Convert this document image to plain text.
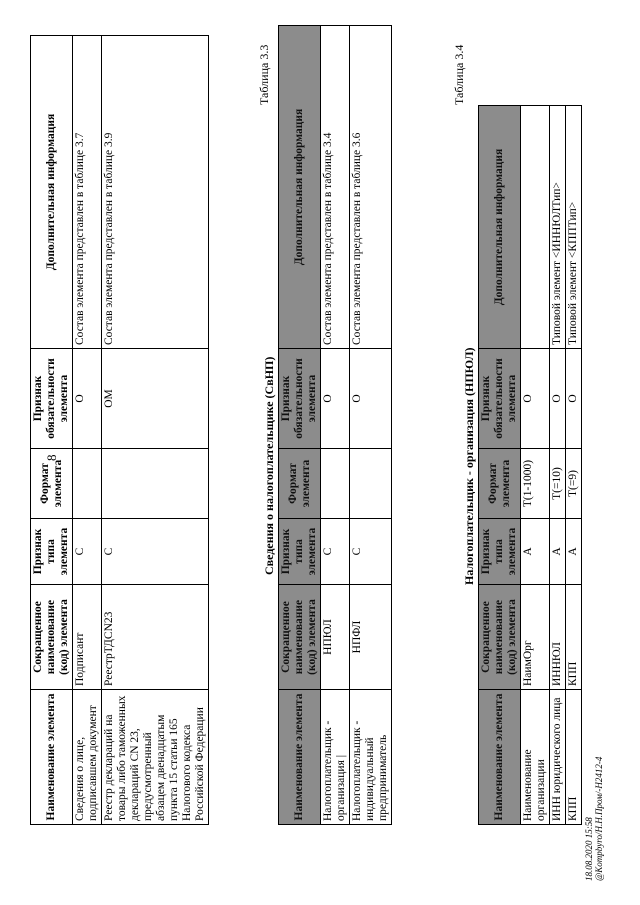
8
Наименование элемента	Сокращенное наименование (код) элемента	Признак типа элемента	Формат элемента	Признак обязательности элемента	Дополнительная информация
Сведения о лице, подписавшем документ	Подписант	С		О	Состав элемента представлен в таблице 3.7
Реестр деклараций на товары либо таможенных деклараций CN 23, предусмотренный абзацем двенадцатым пункта 15 статьи 165 Налогового кодекса Российской Федерации	РеестрТДСN23	С		ОМ	Состав элемента представлен в таблице 3.9
Таблица 3.3
Наименование элемента	Сокращенное наименование (код) элемента	Признак типа элемента	Формат элемента	Признак обязательности элемента	Дополнительная информация
Налогоплательщик - организация |	НПЮЛ	С		О	Состав элемента представлен в таблице 3.4
Налогоплательщик - индивидуальный предприниматель	НПФЛ	С		О	Состав элемента представлен в таблице 3.6
Сведения о налогоплательщике (СвНП)
Таблица 3.4
Налогоплательщик - организация (НПЮЛ)
Наименование элемента	Сокращенное наименование (код) элемента	Признак типа элемента	Формат элемента	Признак обязательности элемента	Дополнительная информация
Наименование организации	НаимОрг	А	T(1-1000)	О	
ИНН юридического лица	ИННЮЛ	А	T(=10)	О	Типовой элемент <ИННЮЛТип>
КПП	КПП	А	T(=9)	О	Типовой элемент <КППТип>
18.08.2020 15:58 @Kompbyro/Н.Н.Пром/-Н2412-4
